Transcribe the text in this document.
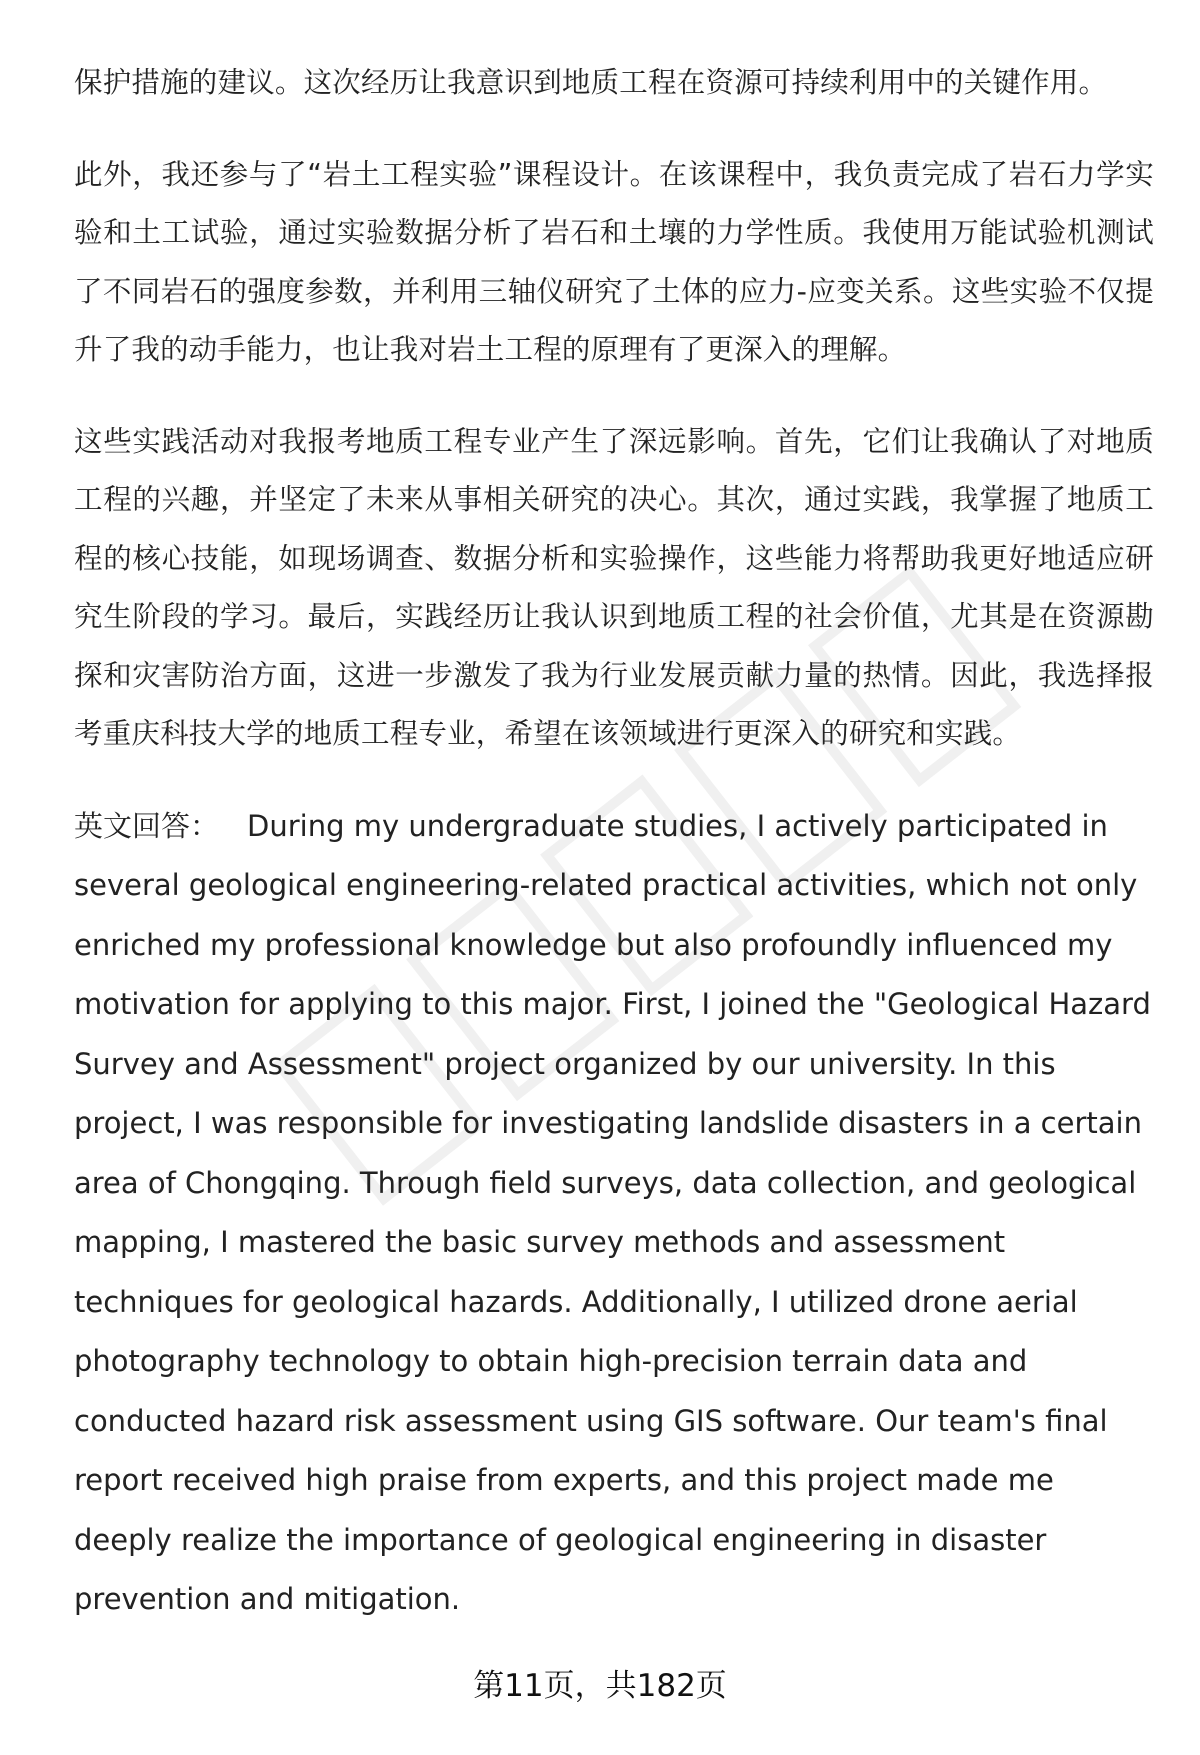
保护措施的建议。这次经历让我意识到地质工程在资源可持续利用中的关键作用。

此外，我还参与了“岩土工程实验”课程设计。在该课程中，我负责完成了岩石力学实验和土工试验，通过实验数据分析了岩石和土壤的力学性质。我使用万能试验机测试了不同岩石的强度参数，并利用三轴仪研究了土体的应力-应变关系。这些实验不仅提升了我的动手能力，也让我对岩土工程的原理有了更深入的理解。

这些实践活动对我报考地质工程专业产生了深远影响。首先，它们让我确认了对地质工程的兴趣，并坚定了未来从事相关研究的决心。其次，通过实践，我掌握了地质工程的核心技能，如现场调查、数据分析和实验操作，这些能力将帮助我更好地适应研究生阶段的学习。最后，实践经历让我认识到地质工程的社会价值，尤其是在资源勘探和灾害防治方面，这进一步激发了我为行业发展贡献力量的热情。因此，我选择报考重庆科技大学的地质工程专业，希望在该领域进行更深入的研究和实践。

英文回答： During my undergraduate studies, I actively participated in several geological engineering-related practical activities, which not only enriched my professional knowledge but also profoundly influenced my motivation for applying to this major. First, I joined the "Geological Hazard Survey and Assessment" project organized by our university. In this project, I was responsible for investigating landslide disasters in a certain area of Chongqing. Through field surveys, data collection, and geological mapping, I mastered the basic survey methods and assessment techniques for geological hazards. Additionally, I utilized drone aerial photography technology to obtain high-precision terrain data and conducted hazard risk assessment using GIS software. Our team's final report received high praise from experts, and this project made me deeply realize the importance of geological engineering in disaster prevention and mitigation.

第11页，共182页
